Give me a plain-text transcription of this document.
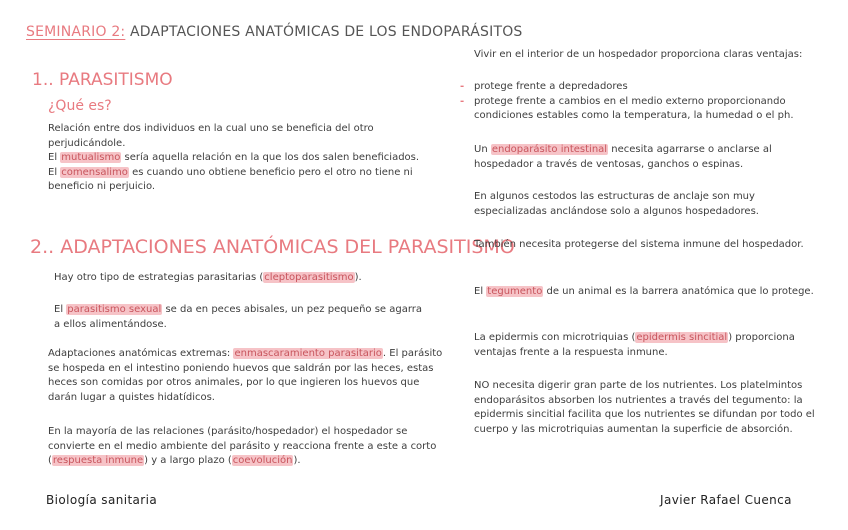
SEMINARIO 2: ADAPTACIONES ANATÓMICAS DE LOS ENDOPARÁSITOS
1.. PARASITISMO
¿Qué es?
Relación entre dos individuos en la cual uno se beneficia del otro perjudicándole.
El mutualismo sería aquella relación en la que los dos salen beneficiados.
El comensalimo es cuando uno obtiene beneficio pero el otro no tiene ni beneficio ni perjuicio.
2.. ADAPTACIONES ANATÓMICAS DEL PARASITISMO
Hay otro tipo de estrategias parasitarias (cleptoparasitismo).
El parasitismo sexual se da en peces abisales, un pez pequeño se agarra a ellos alimentándose.
Adaptaciones anatómicas extremas: enmascaramiento parasitario. El parásito se hospeda en el intestino poniendo huevos que saldrán por las heces, estas heces son comidas por otros animales, por lo que ingieren los huevos que darán lugar a quistes hidatídicos.
En la mayoría de las relaciones (parásito/hospedador) el hospedador se convierte en el medio ambiente del parásito y reacciona frente a este a corto (respuesta inmune) y a largo plazo (coevolución).
Vivir en el interior de un hospedador proporciona claras ventajas:
- protege frente a depredadores
- protege frente a cambios en el medio externo proporcionando condiciones estables como la temperatura, la humedad o el ph.
Un endoparásito intestinal necesita agarrarse o anclarse al hospedador a través de ventosas, ganchos o espinas.
En algunos cestodos las estructuras de anclaje son muy especializadas anclándose solo a algunos hospedadores.
También necesita protegerse del sistema inmune del hospedador.
El tegumento de un animal es la barrera anatómica que lo protege.
La epidermis con microtriquias (epidermis sincitial) proporciona ventajas frente a la respuesta inmune.
NO necesita digerir gran parte de los nutrientes. Los platelmintos endoparásitos absorben los nutrientes a través del tegumento: la epidermis sincitial facilita que los nutrientes se difundan por todo el cuerpo y las microtriquias aumentan la superficie de absorción.
Biología sanitaria	Javier Rafael Cuenca
